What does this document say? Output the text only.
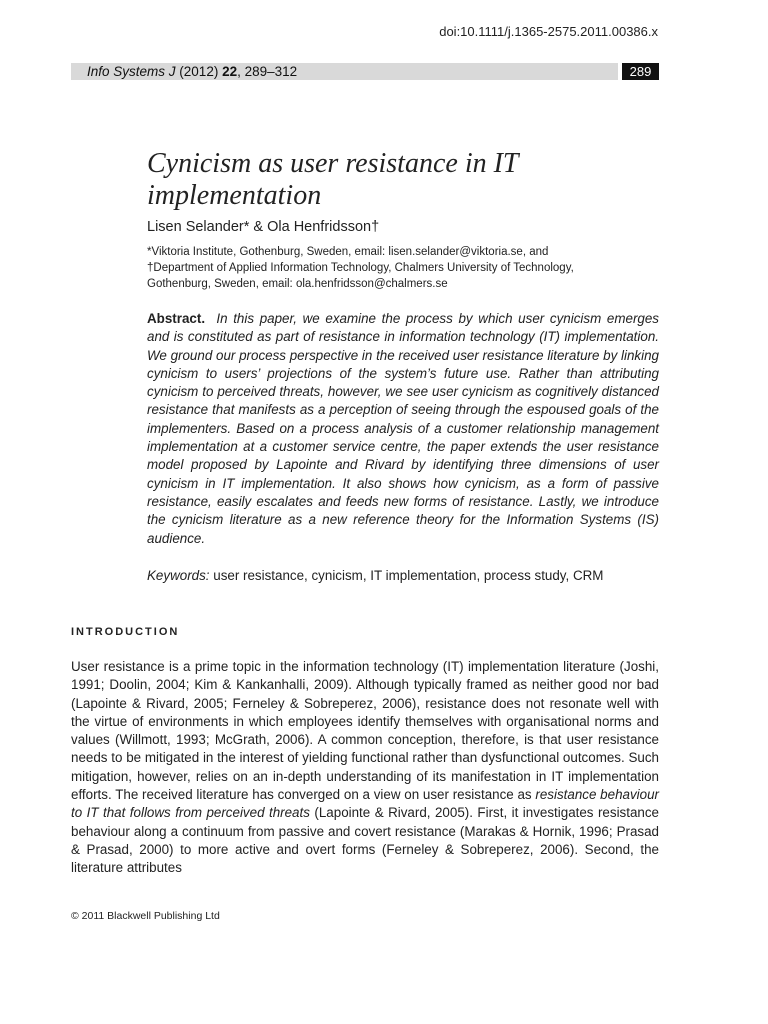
doi:10.1111/j.1365-2575.2011.00386.x
Info Systems J (2012) 22, 289–312	289
Cynicism as user resistance in IT implementation
Lisen Selander* & Ola Henfridsson†
*Viktoria Institute, Gothenburg, Sweden, email: lisen.selander@viktoria.se, and
†Department of Applied Information Technology, Chalmers University of Technology,
Gothenburg, Sweden, email: ola.henfridsson@chalmers.se
Abstract. In this paper, we examine the process by which user cynicism emerges and is constituted as part of resistance in information technology (IT) implementation. We ground our process perspective in the received user resistance literature by linking cynicism to users’ projections of the system’s future use. Rather than attributing cynicism to perceived threats, however, we see user cynicism as cognitively distanced resistance that manifests as a perception of seeing through the espoused goals of the implementers. Based on a process analysis of a customer relationship management implementation at a customer service centre, the paper extends the user resistance model proposed by Lapointe and Rivard by identifying three dimensions of user cynicism in IT implementation. It also shows how cynicism, as a form of passive resistance, easily escalates and feeds new forms of resistance. Lastly, we introduce the cynicism literature as a new reference theory for the Information Systems (IS) audience.
Keywords: user resistance, cynicism, IT implementation, process study, CRM
INTRODUCTION
User resistance is a prime topic in the information technology (IT) implementation literature (Joshi, 1991; Doolin, 2004; Kim & Kankanhalli, 2009). Although typically framed as neither good nor bad (Lapointe & Rivard, 2005; Ferneley & Sobreperez, 2006), resistance does not resonate well with the virtue of environments in which employees identify themselves with organisational norms and values (Willmott, 1993; McGrath, 2006). A common conception, therefore, is that user resistance needs to be mitigated in the interest of yielding functional rather than dysfunctional outcomes. Such mitigation, however, relies on an in-depth understanding of its manifestation in IT implementation efforts. The received literature has converged on a view on user resistance as resistance behaviour to IT that follows from perceived threats (Lapointe & Rivard, 2005). First, it investigates resistance behaviour along a continuum from passive and covert resistance (Marakas & Hornik, 1996; Prasad & Prasad, 2000) to more active and overt forms (Ferneley & Sobreperez, 2006). Second, the literature attributes
© 2011 Blackwell Publishing Ltd
